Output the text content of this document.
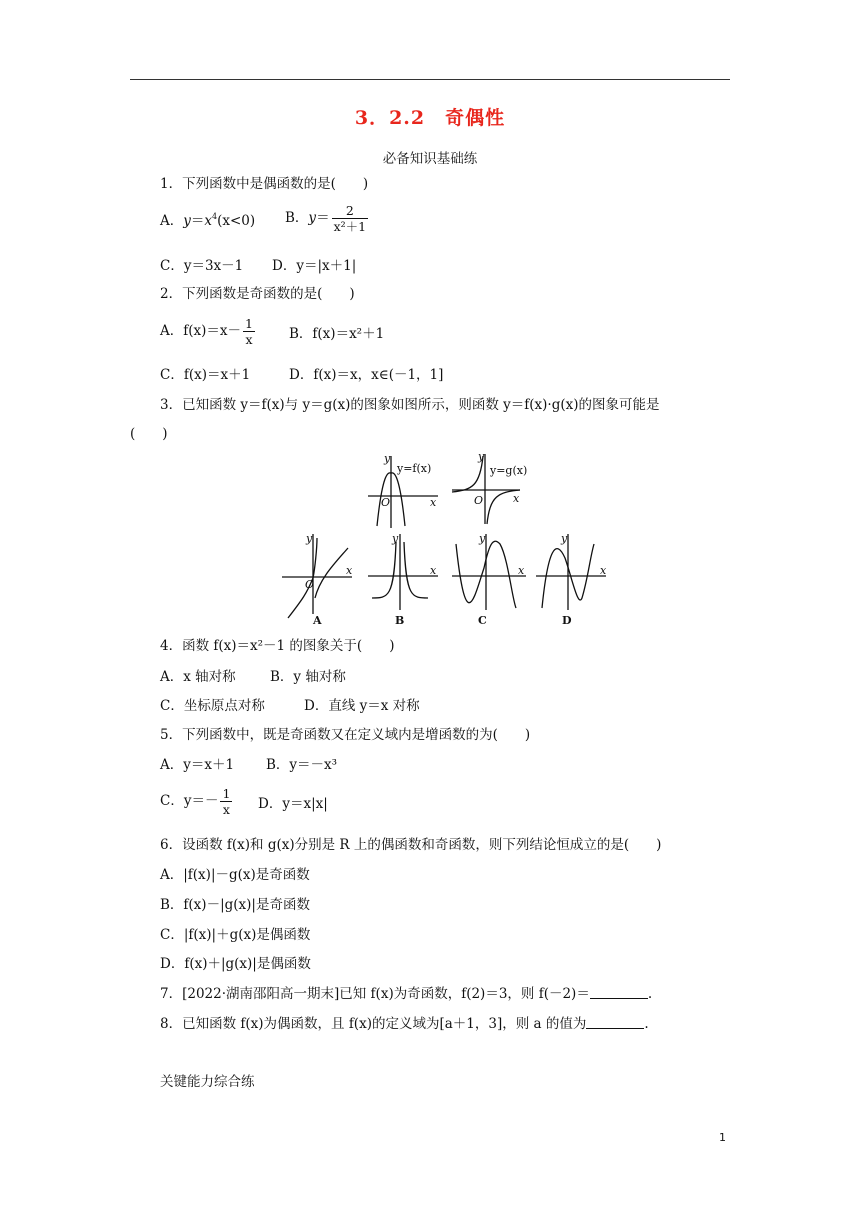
3．2.2　奇偶性
必备知识基础练
1．下列函数中是偶函数的是(　　)
A．$y=x^4(x<0)$ B．$y= \frac{2}{\text{x²＋1}}$
C．y＝3x－1 D．y＝|x＋1|
2．下列函数是奇函数的是(　　)
A．$f(x)=x- \frac{1}{x}$	B．f(x)＝x²＋1
C．f(x)＝x＋1	D．f(x)＝x，x∈(－1，1]
3．已知函数 y＝f(x)与 y＝g(x)的图象如图所示，则函数 y＝f(x)·g(x)的图象可能是
(　　)
y=f(x)	y=g(x)
y
x
O
y
x
O
y
x
O
y
x
y
x
y
x
A	B	C	D
4．函数 f(x)＝x²－1 的图象关于(　　)
A．x 轴对称	B．y 轴对称
C．坐标原点对称	D．直线 y＝x 对称
5．下列函数中，既是奇函数又在定义域内是增函数的为(　　)
A．y＝x＋1 B．y＝－x³
C．$y=- \frac{1}{x}$ D．y＝x|x|
6．设函数 f(x)和 g(x)分别是 R 上的偶函数和奇函数，则下列结论恒成立的是(　　)
A．|f(x)|－g(x)是奇函数
B．f(x)－|g(x)|是奇函数
C．|f(x)|＋g(x)是偶函数
D．f(x)＋|g(x)|是偶函数
7．[2022·湖南邵阳高一期末]已知 f(x)为奇函数，f(2)＝3，则 f(－2)＝	.
8．已知函数 f(x)为偶函数，且 f(x)的定义域为[a＋1，3]，则 a 的值为	.
关键能力综合练
1
